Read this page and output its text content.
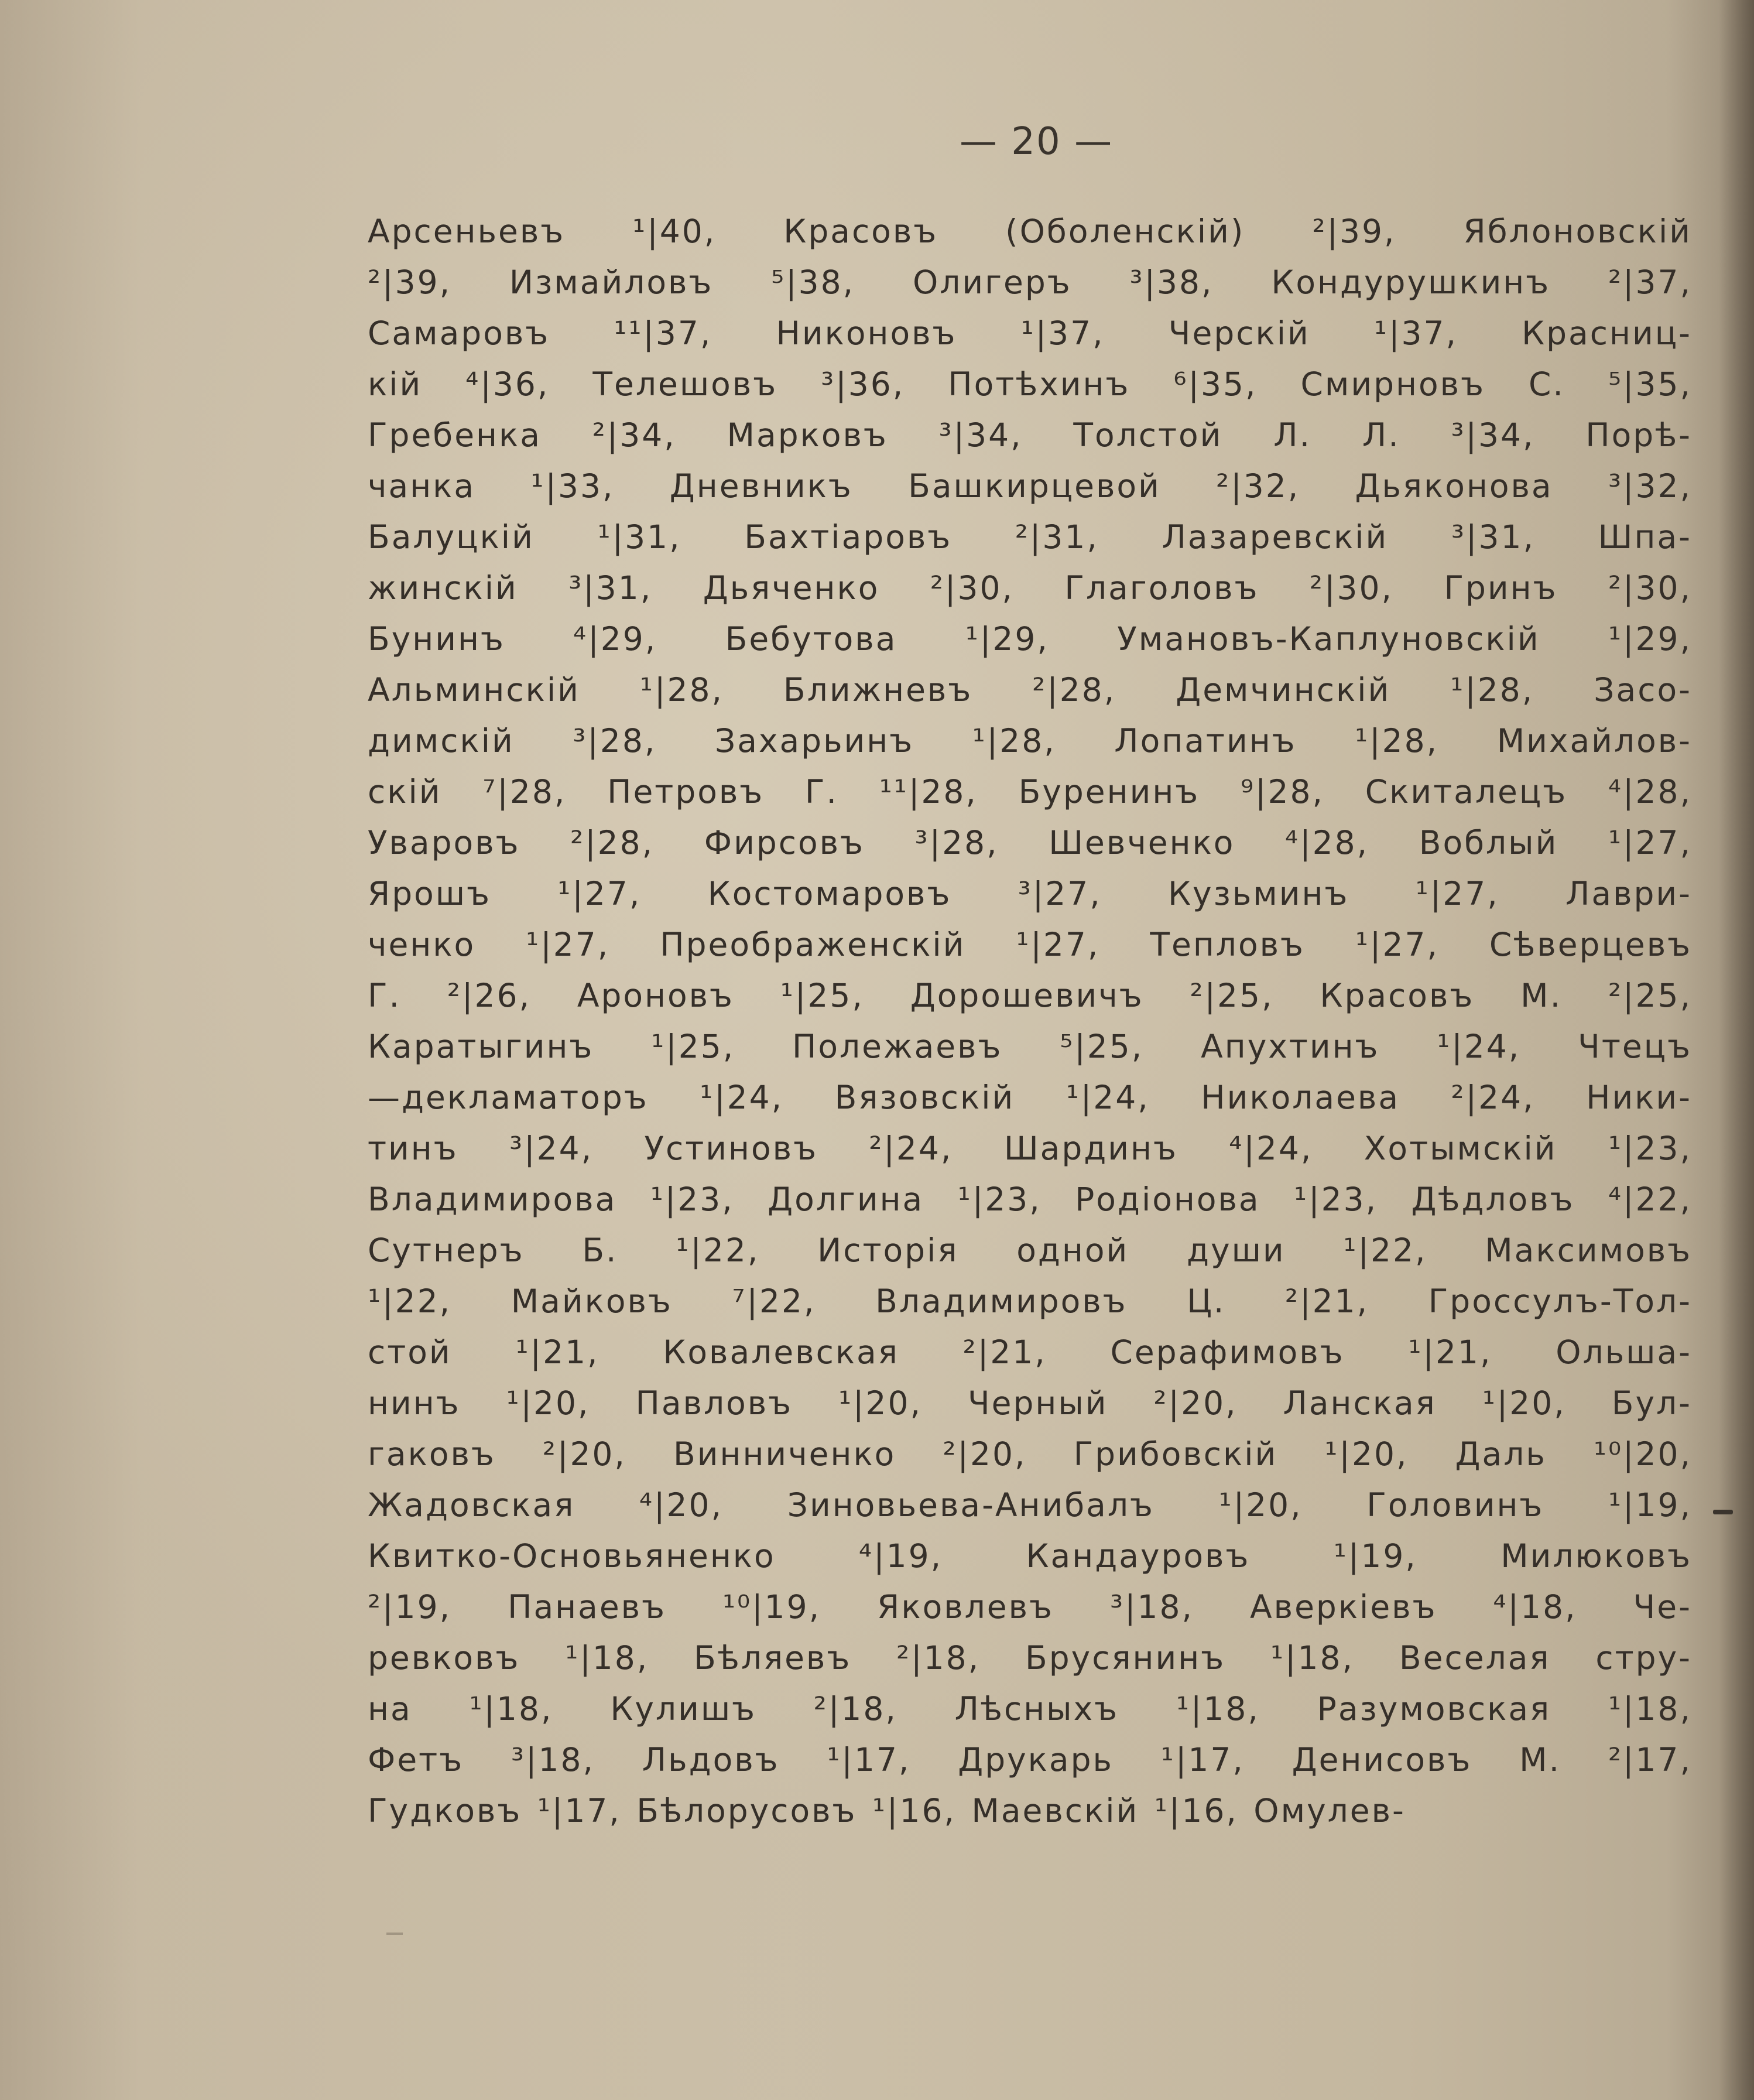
— 20 —
Арсеньевъ ¹|40, Красовъ (Оболенскій) ²|39, Яблоновскій
²|39, Измайловъ ⁵|38, Олигеръ ³|38, Кондурушкинъ ²|37,
Самаровъ ¹¹|37, Никоновъ ¹|37, Черскій ¹|37, Красниц-
кій ⁴|36, Телешовъ ³|36, Потѣхинъ ⁶|35, Смирновъ С. ⁵|35,
Гребенка ²|34, Марковъ ³|34, Толстой Л. Л. ³|34, Порѣ-
чанка ¹|33, Дневникъ Башкирцевой ²|32, Дьяконова ³|32,
Балуцкій ¹|31, Бахтіаровъ ²|31, Лазаревскій ³|31, Шпа-
жинскій ³|31, Дьяченко ²|30, Глаголовъ ²|30, Гринъ ²|30,
Бунинъ ⁴|29, Бебутова ¹|29, Умановъ-Каплуновскій ¹|29,
Альминскій ¹|28, Ближневъ ²|28, Демчинскій ¹|28, Засо-
димскій ³|28, Захарьинъ ¹|28, Лопатинъ ¹|28, Михайлов-
скій ⁷|28, Петровъ Г. ¹¹|28, Буренинъ ⁹|28, Скиталецъ ⁴|28,
Уваровъ ²|28, Фирсовъ ³|28, Шевченко ⁴|28, Воблый ¹|27,
Ярошъ ¹|27, Костомаровъ ³|27, Кузьминъ ¹|27, Лаври-
ченко ¹|27, Преображенскій ¹|27, Тепловъ ¹|27, Сѣверцевъ
Г. ²|26, Ароновъ ¹|25, Дорошевичъ ²|25, Красовъ М. ²|25,
Каратыгинъ ¹|25, Полежаевъ ⁵|25, Апухтинъ ¹|24, Чтецъ
—декламаторъ ¹|24, Вязовскій ¹|24, Николаева ²|24, Ники-
тинъ ³|24, Устиновъ ²|24, Шардинъ ⁴|24, Хотымскій ¹|23,
Владимирова ¹|23, Долгина ¹|23, Родіонова ¹|23, Дѣдловъ ⁴|22,
Сутнеръ Б. ¹|22, Исторія одной души ¹|22, Максимовъ
¹|22, Майковъ ⁷|22, Владимировъ Ц. ²|21, Гроссулъ-Тол-
стой ¹|21, Ковалевская ²|21, Серафимовъ ¹|21, Ольша-
нинъ ¹|20, Павловъ ¹|20, Черный ²|20, Ланская ¹|20, Бул-
гаковъ ²|20, Винниченко ²|20, Грибовскій ¹|20, Даль ¹⁰|20,
Жадовская ⁴|20, Зиновьева-Анибалъ ¹|20, Головинъ ¹|19,
Квитко-Основьяненко ⁴|19, Кандауровъ ¹|19, Милюковъ
²|19, Панаевъ ¹⁰|19, Яковлевъ ³|18, Аверкіевъ ⁴|18, Че-
ревковъ ¹|18, Бѣляевъ ²|18, Брусянинъ ¹|18, Веселая стру-
на ¹|18, Кулишъ ²|18, Лѣсныхъ ¹|18, Разумовская ¹|18,
Фетъ ³|18, Льдовъ ¹|17, Друкарь ¹|17, Денисовъ М. ²|17,
Гудковъ ¹|17, Бѣлорусовъ ¹|16, Маевскій ¹|16, Омулев-
